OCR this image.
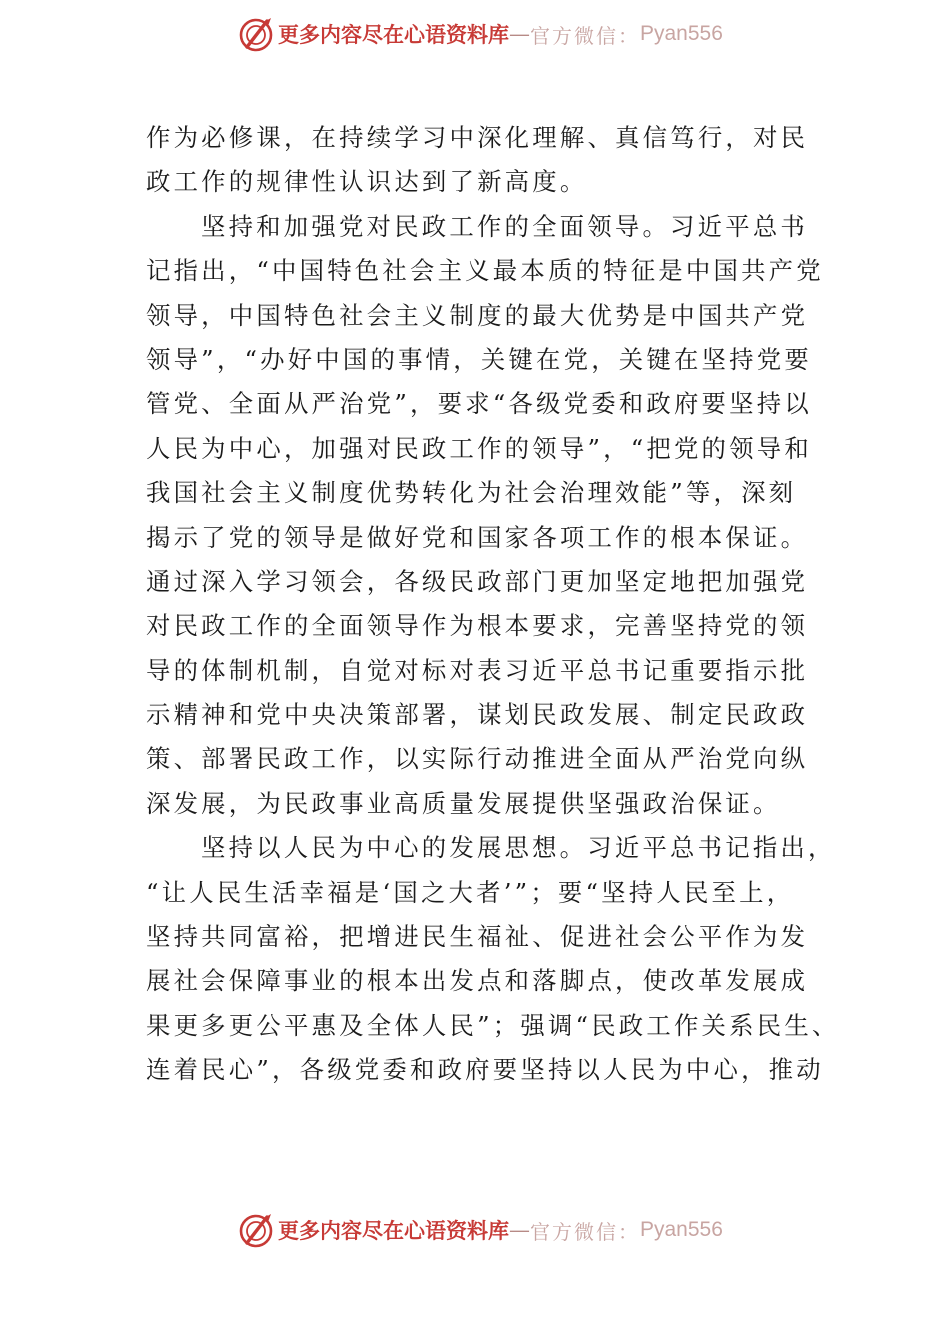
更多内容尽在心语资料库 — 官方微信： Pyan556
作为必修课，在持续学习中深化理解、真信笃行，对民
政工作的规律性认识达到了新高度。
坚持和加强党对民政工作的全面领导。习近平总书
记指出，“中国特色社会主义最本质的特征是中国共产党
领导，中国特色社会主义制度的最大优势是中国共产党
领导”，“办好中国的事情，关键在党，关键在坚持党要
管党、全面从严治党”，要求“各级党委和政府要坚持以
人民为中心，加强对民政工作的领导”，“把党的领导和
我国社会主义制度优势转化为社会治理效能”等，深刻
揭示了党的领导是做好党和国家各项工作的根本保证。
通过深入学习领会，各级民政部门更加坚定地把加强党
对民政工作的全面领导作为根本要求，完善坚持党的领
导的体制机制，自觉对标对表习近平总书记重要指示批
示精神和党中央决策部署，谋划民政发展、制定民政政
策、部署民政工作，以实际行动推进全面从严治党向纵
深发展，为民政事业高质量发展提供坚强政治保证。
坚持以人民为中心的发展思想。习近平总书记指出，
“让人民生活幸福是‘国之大者’”；要“坚持人民至上，
坚持共同富裕，把增进民生福祉、促进社会公平作为发
展社会保障事业的根本出发点和落脚点，使改革发展成
果更多更公平惠及全体人民”；强调“民政工作关系民生、
连着民心”，各级党委和政府要坚持以人民为中心，推动
更多内容尽在心语资料库 — 官方微信： Pyan556
